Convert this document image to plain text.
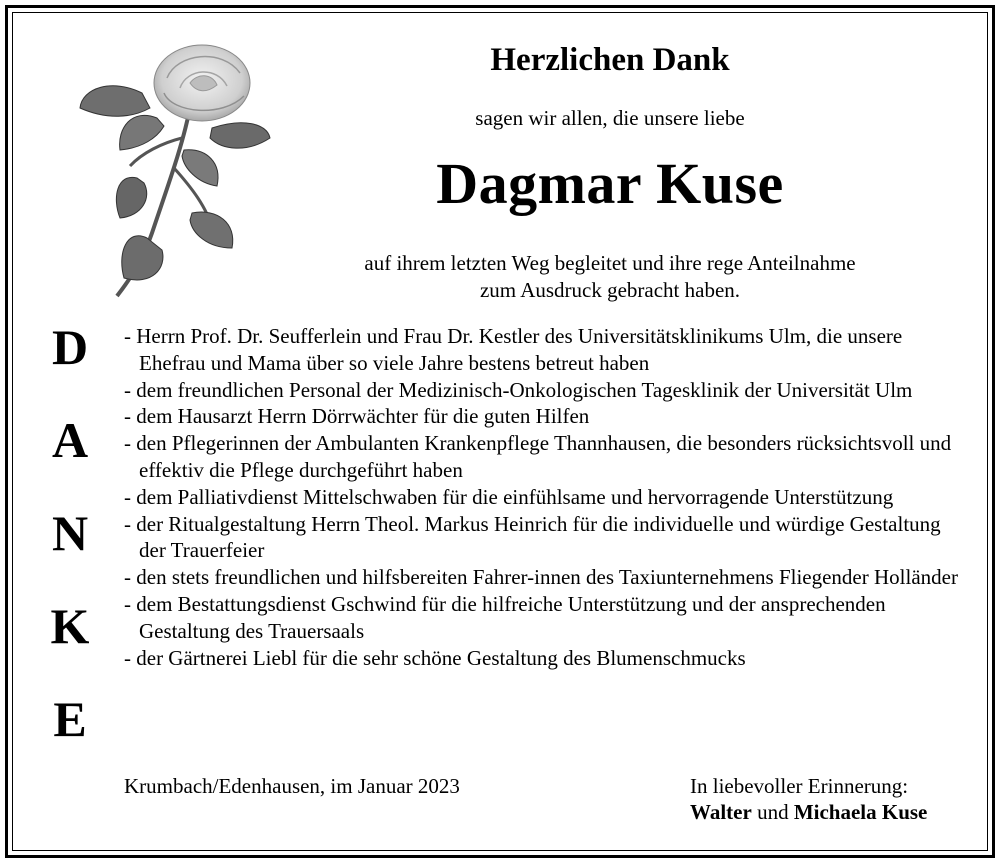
Herzlichen Dank
sagen wir allen, die unsere liebe
Dagmar Kuse
auf ihrem letzten Weg begleitet und ihre rege Anteilnahme
zum Ausdruck gebracht haben.
D
A
N
K
E
- Herrn Prof. Dr. Seufferlein und Frau Dr. Kestler des Universitätsklinikums Ulm, die unsere Ehefrau und Mama über so viele Jahre bestens betreut haben
- dem freundlichen Personal der Medizinisch-Onkologischen Tagesklinik der Universität Ulm
- dem Hausarzt Herrn Dörrwächter für die guten Hilfen
- den Pflegerinnen der Ambulanten Krankenpflege Thannhausen, die besonders rücksichtsvoll und effektiv die Pflege durchgeführt haben
- dem Palliativdienst Mittelschwaben für die einfühlsame und hervorragende Unterstützung
- der Ritualgestaltung Herrn Theol. Markus Heinrich für die individuelle und würdige Gestaltung der Trauerfeier
- den stets freundlichen und hilfsbereiten Fahrer-innen des Taxiunternehmens Fliegender Holländer
- dem Bestattungsdienst Gschwind für die hilfreiche Unterstützung und der ansprechenden Gestaltung des Trauersaals
- der Gärtnerei Liebl für die sehr schöne Gestaltung des Blumenschmucks
Krumbach/Edenhausen, im Januar 2023	In liebevoller Erinnerung:
Walter und Michaela Kuse
